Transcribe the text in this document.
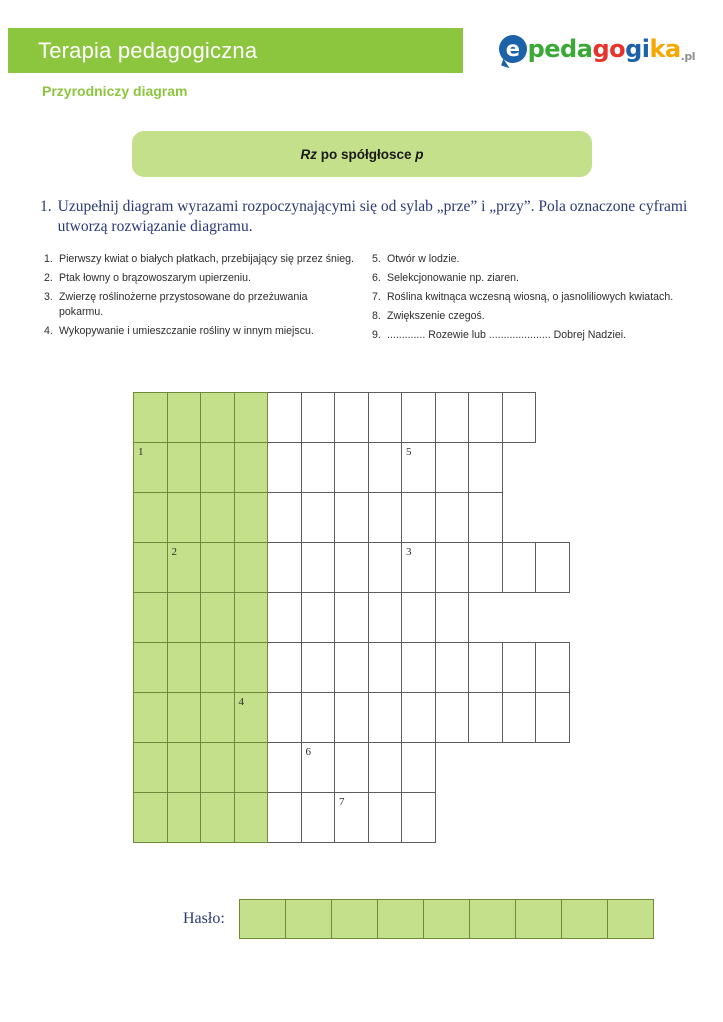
Terapia pedagogiczna	e peda go gi ka .pl
Przyrodniczy diagram
Rz po spółgłosce p
1. Uzupełnij diagram wyrazami rozpoczynającymi się od sylab „prze” i „przy”. Pola oznaczone cyframi utworzą rozwiązanie diagramu.
1. Pierwszy kwiat o białych płatkach, przebijający się przez śnieg.
2. Ptak łowny o brązowoszarym upierzeniu.
3. Zwierzę roślinożerne przystosowane do przeżuwania pokarmu.
4. Wykopywanie i umieszczanie rośliny w innym miejscu.
5. Otwór w lodzie.
6. Selekcjonowanie np. ziaren.
7. Roślina kwitnąca wczesną wiosną, o jasnoliliowych kwiatach.
8. Zwiększenie czegoś.
9. ............. Rozewie lub ..................... Dobrej Nadziei.
1	5
2	3
4
6
7
Hasło:
